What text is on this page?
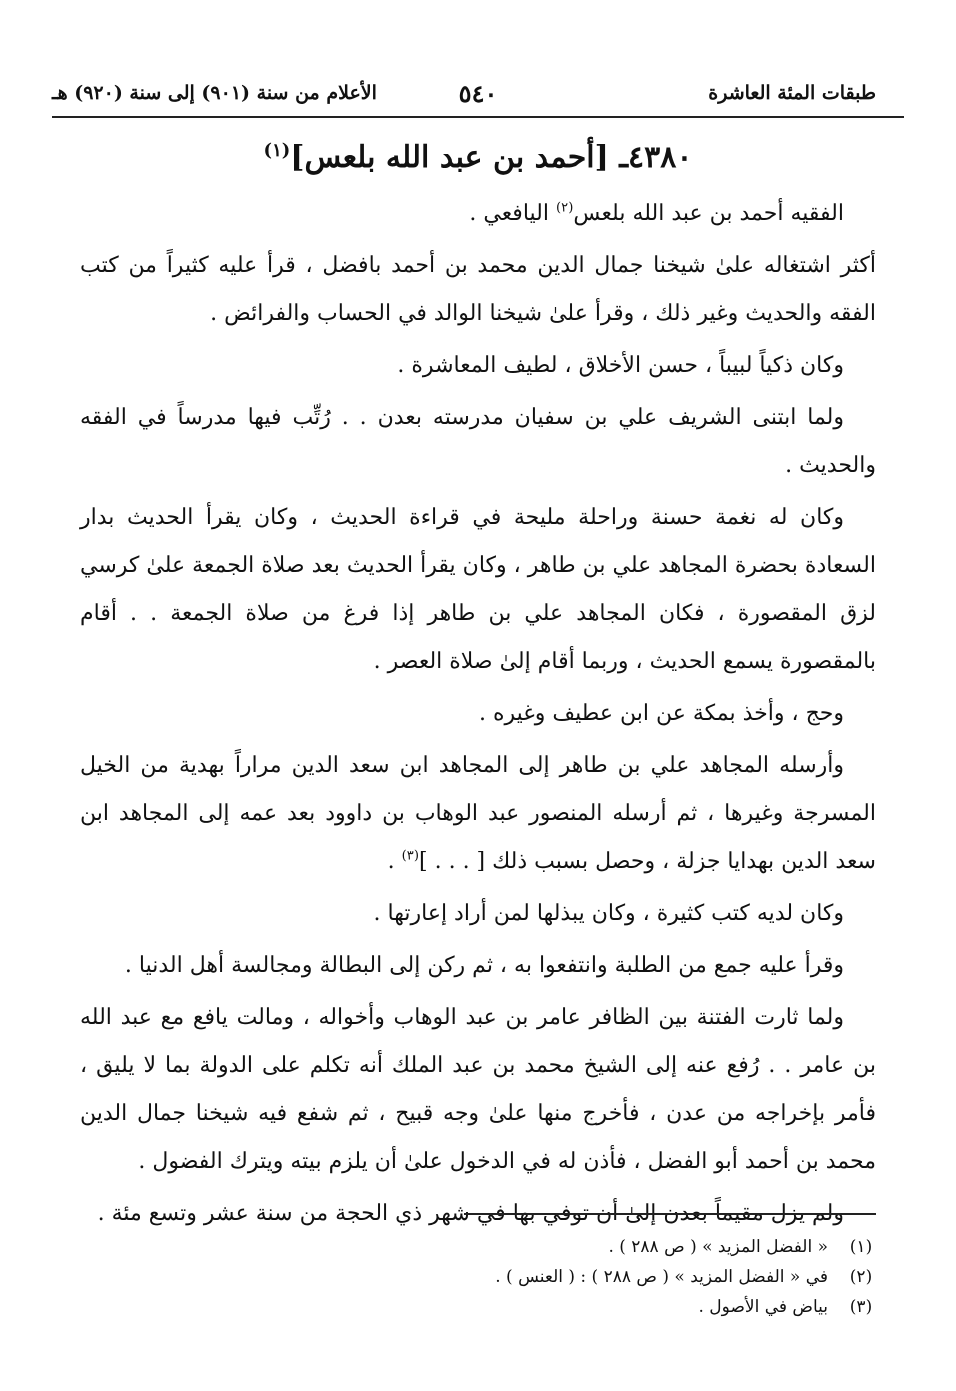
طبقات المئة العاشرة
٥٤٠
الأعلام من سنة (٩٠١) إلى سنة (٩٢٠) هـ
٤٣٨٠ـ [أحمد بن عبد الله بلعس]$^{(١)}$

الفقيه أحمد بن عبد الله بلعس$^{(٢)}$ اليافعي .

أكثر اشتغاله علىٰ شيخنا جمال الدين محمد بن أحمد بافضل ، قرأ عليه كثيراً من كتب الفقه والحديث وغير ذلك ، وقرأ علىٰ شيخنا الوالد في الحساب والفرائض .

وكان ذكياً لبيباً ، حسن الأخلاق ، لطيف المعاشرة .

ولما ابتنى الشريف علي بن سفيان مدرسته بعدن . . رُتِّب فيها مدرساً في الفقه والحديث .

وكان له نغمة حسنة وراحلة مليحة في قراءة الحديث ، وكان يقرأ الحديث بدار السعادة بحضرة المجاهد علي بن طاهر ، وكان يقرأ الحديث بعد صلاة الجمعة علىٰ كرسي لزق المقصورة ، فكان المجاهد علي بن طاهر إذا فرغ من صلاة الجمعة . . أقام بالمقصورة يسمع الحديث ، وربما أقام إلىٰ صلاة العصر .

وحج ، وأخذ بمكة عن ابن عطيف وغيره .

وأرسله المجاهد علي بن طاهر إلى المجاهد ابن سعد الدين مراراً بهدية من الخيل المسرجة وغيرها ، ثم أرسله المنصور عبد الوهاب بن داوود بعد عمه إلى المجاهد ابن سعد الدين بهدايا جزلة ، وحصل بسبب ذلك [ . . . ]$^{(٣)}$ .

وكان لديه كتب كثيرة ، وكان يبذلها لمن أراد إعارتها .

وقرأ عليه جمع من الطلبة وانتفعوا به ، ثم ركن إلى البطالة ومجالسة أهل الدنيا .

ولما ثارت الفتنة بين الظافر عامر بن عبد الوهاب وأخواله ، ومالت يافع مع عبد الله بن عامر . . رُفع عنه إلى الشيخ محمد بن عبد الملك أنه تكلم على الدولة بما لا يليق ، فأمر بإخراجه من عدن ، فأخرج منها علىٰ وجه قبيح ، ثم شفع فيه شيخنا جمال الدين محمد بن أحمد أبو الفضل ، فأذن له في الدخول علىٰ أن يلزم بيته ويترك الفضول .

ولم يزل مقيماً بعدن إلىٰ أن توفي بها في شهر ذي الحجة من سنة عشر وتسع مئة .

(١)
« الفضل المزيد » ( ص ٢٨٨ ) .
(٢)
في « الفضل المزيد » ( ص ٢٨٨ ) : ( العنس ) .
(٣)
بياض في الأصول .
